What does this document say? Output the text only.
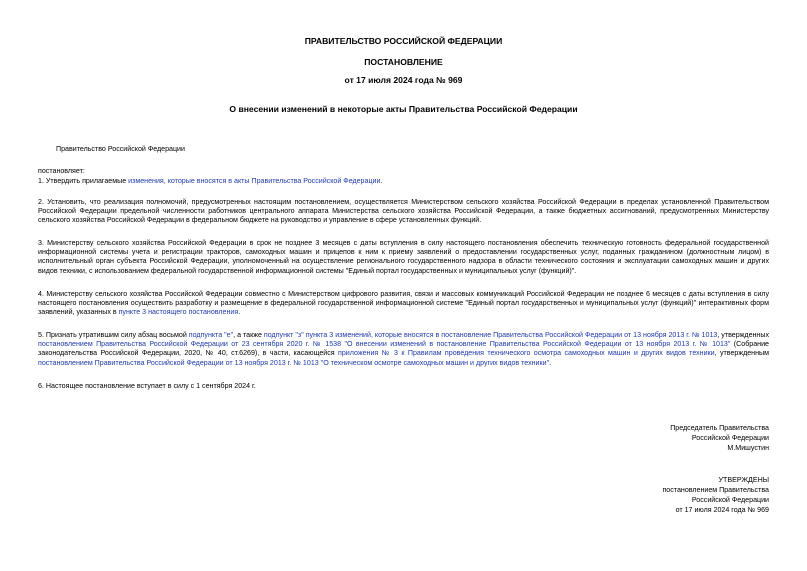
ПРАВИТЕЛЬСТВО РОССИЙСКОЙ ФЕДЕРАЦИИ
ПОСТАНОВЛЕНИЕ
от 17 июля 2024 года № 969
О внесении изменений в некоторые акты Правительства Российской Федерации
Правительство Российской Федерации
постановляет:

1. Утвердить прилагаемые изменения, которые вносятся в акты Правительства Российской Федерации.

2. Установить, что реализация полномочий, предусмотренных настоящим постановлением, осуществляется Министерством сельского хозяйства Российской Федерации в пределах установленной Правительством Российской Федерации предельной численности работников центрального аппарата Министерства сельского хозяйства Российской Федерации, а также бюджетных ассигнований, предусмотренных Министерству сельского хозяйства Российской Федерации в федеральном бюджете на руководство и управление в сфере установленных функций.

3. Министерству сельского хозяйства Российской Федерации в срок не позднее 3 месяцев с даты вступления в силу настоящего постановления обеспечить техническую готовность федеральной государственной информационной системы учета и регистрации тракторов, самоходных машин и прицепов к ним к приему заявлений о предоставлении государственных услуг, поданных гражданином (должностным лицом) в исполнительный орган субъекта Российской Федерации, уполномоченный на осуществление регионального государственного надзора в области технического состояния и эксплуатации самоходных машин и других видов техники, с использованием федеральной государственной информационной системы "Единый портал государственных и муниципальных услуг (функций)".

4. Министерству сельского хозяйства Российской Федерации совместно с Министерством цифрового развития, связи и массовых коммуникаций Российской Федерации не позднее 6 месяцев с даты вступления в силу настоящего постановления осуществить разработку и размещение в федеральной государственной информационной системе "Единый портал государственных и муниципальных услуг (функций)" интерактивных форм заявлений, указанных в пункте 3 настоящего постановления.

5. Признать утратившим силу абзац восьмой подпункта "е", а также подпункт "з" пункта 3 изменений, которые вносятся в постановление Правительства Российской Федерации от 13 ноября 2013 г. № 1013, утвержденных постановлением Правительства Российской Федерации от 23 сентября 2020 г. № 1538 "О внесении изменений в постановление Правительства Российской Федерации от 13 ноября 2013 г. № 1013" (Собрание законодательства Российской Федерации, 2020, № 40, ст.6269), в части, касающейся приложения № 3 к Правилам проведения технического осмотра самоходных машин и других видов техники, утвержденным постановлением Правительства Российской Федерации от 13 ноября 2013 г. № 1013 "О техническом осмотре самоходных машин и других видов техники".

6. Настоящее постановление вступает в силу с 1 сентября 2024 г.

Председатель Правительства
Российской Федерации
М.Мишустин
УТВЕРЖДЕНЫ
постановлением Правительства
Российской Федерации
от 17 июля 2024 года № 969
